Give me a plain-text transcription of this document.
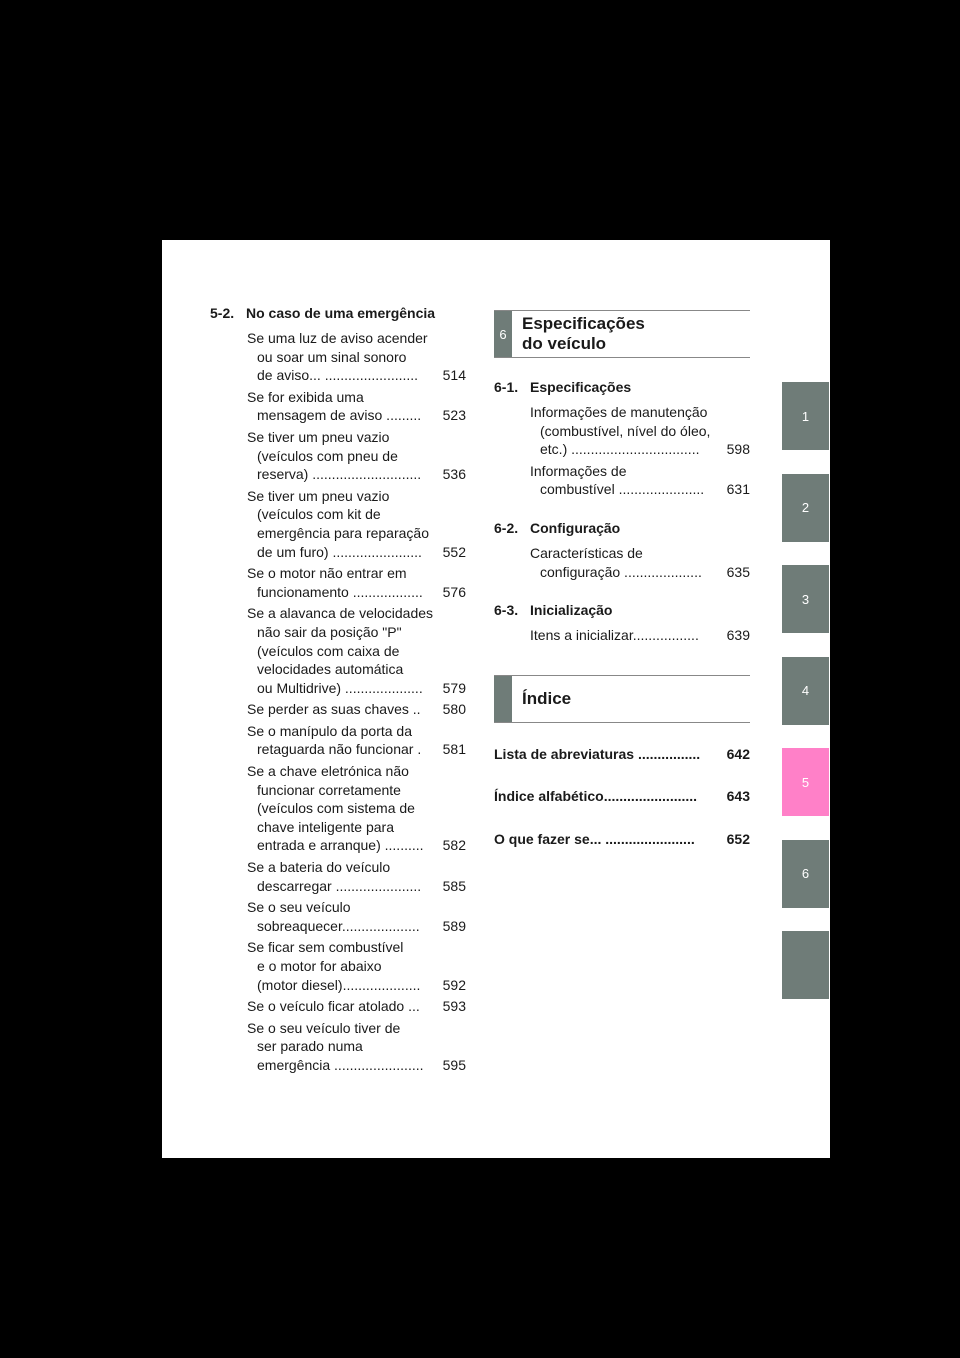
1
2
3
4
5
6
5-2. No caso de uma emergência
Se uma luz de aviso acender
ou soar um sinal sonoro
de aviso... ........................	514
Se for exibida uma
mensagem de aviso .........	523
Se tiver um pneu vazio
(veículos com pneu de
reserva) ............................	536
Se tiver um pneu vazio
(veículos com kit de
emergência para reparação
de um furo) .......................	552
Se o motor não entrar em
funcionamento ..................	576
Se a alavanca de velocidades
não sair da posição "P"
(veículos com caixa de
velocidades automática
ou Multidrive) ....................	579
Se perder as suas chaves ..	580
Se o manípulo da porta da
retaguarda não funcionar .	581
Se a chave eletrónica não
funcionar corretamente
(veículos com sistema de
chave inteligente para
entrada e arranque) ..........	582
Se a bateria do veículo
descarregar ......................	585
Se o seu veículo
sobreaquecer....................	589
Se ficar sem combustível
e o motor for abaixo
(motor diesel)....................	592
Se o veículo ficar atolado ...	593
Se o seu veículo tiver de
ser parado numa
emergência .......................	595
6
Especificações
do veículo
6-1. Especificações
Informações de manutenção
(combustível, nível do óleo,
etc.) .................................	598
Informações de
combustível ......................	631
6-2. Configuração
Características de
configuração ....................	635
6-3. Inicialização
Itens a inicializar.................	639
Índice
Lista de abreviaturas ................ 642
Índice alfabético........................ 643
O que fazer se... ....................... 652
